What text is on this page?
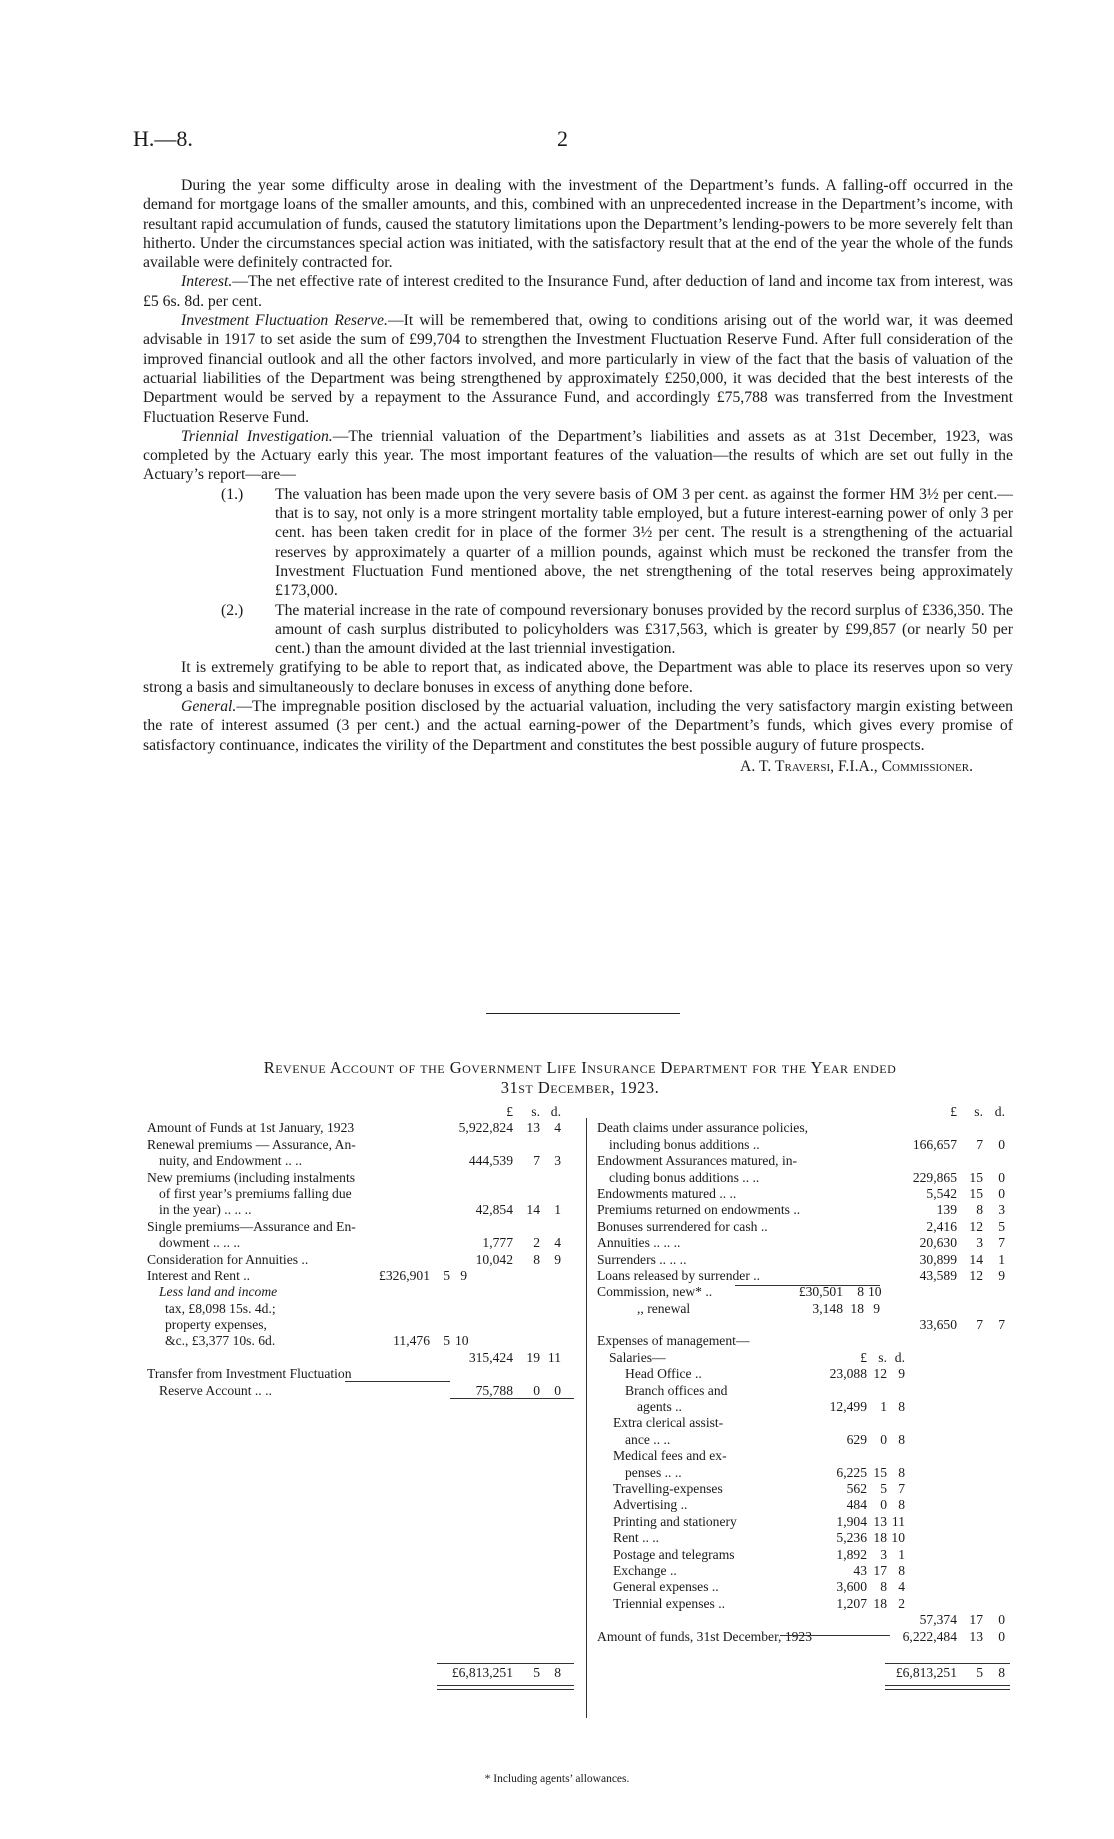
H.—8.	2

During the year some difficulty arose in dealing with the investment of the Department’s funds. A falling-off occurred in the demand for mortgage loans of the smaller amounts, and this, combined with an unprecedented increase in the Department’s income, with resultant rapid accumulation of funds, caused the statutory limitations upon the Department’s lending-powers to be more severely felt than hitherto. Under the circumstances special action was initiated, with the satisfactory result that at the end of the year the whole of the funds available were definitely contracted for.

Interest.—The net effective rate of interest credited to the Insurance Fund, after deduction of land and income tax from interest, was £5 6s. 8d. per cent.

Investment Fluctuation Reserve.—It will be remembered that, owing to conditions arising out of the world war, it was deemed advisable in 1917 to set aside the sum of £99,704 to strengthen the Investment Fluctuation Reserve Fund. After full consideration of the improved financial outlook and all the other factors involved, and more particularly in view of the fact that the basis of valuation of the actuarial liabilities of the Department was being strengthened by approximately £250,000, it was decided that the best interests of the Department would be served by a repayment to the Assurance Fund, and accordingly £75,788 was transferred from the Investment Fluctuation Reserve Fund.

Triennial Investigation.—The triennial valuation of the Department’s liabilities and assets as at 31st December, 1923, was completed by the Actuary early this year. The most important features of the valuation—the results of which are set out fully in the Actuary’s report—are—

(1.)	The valuation has been made upon the very severe basis of OM 3 per cent. as against the former HM 3½ per cent.—that is to say, not only is a more stringent mortality table employed, but a future interest-earning power of only 3 per cent. has been taken credit for in place of the former 3½ per cent. The result is a strengthening of the actuarial reserves by approximately a quarter of a million pounds, against which must be reckoned the transfer from the Investment Fluctuation Fund mentioned above, the net strengthening of the total reserves being approximately £173,000.
(2.)	The material increase in the rate of compound reversionary bonuses provided by the record surplus of £336,350. The amount of cash surplus distributed to policyholders was £317,563, which is greater by £99,857 (or nearly 50 per cent.) than the amount divided at the last triennial investigation.

It is extremely gratifying to be able to report that, as indicated above, the Department was able to place its reserves upon so very strong a basis and simultaneously to declare bonuses in excess of anything done before.

General.—The impregnable position disclosed by the actuarial valuation, including the very satisfactory margin existing between the rate of interest assumed (3 per cent.) and the actual earning-power of the Department’s funds, which gives every promise of satisfactory continuance, indicates the virility of the Department and constitutes the best possible augury of future prospects.

A. T. Traversi, F.I.A., Commissioner.

Revenue Account of the Government Life Insurance Department for the Year ended
31st December, 1923.
£	s. d.
Amount of Funds at 1st January, 1923	5,922,824 13	4
Renewal premiums — Assurance, An-
nuity, and Endowment .. ..	444,539	7	3
New premiums (including instalments
of first year’s premiums falling due
in the year) .. .. ..	42,854 14	1
Single premiums—Assurance and En-
dowment .. .. ..	1,777	2	4
Consideration for Annuities ..	10,042	8	9
Interest and Rent ..	£326,901 5 9
Less land and income
tax, £8,098 15s. 4d.;
property expenses,
&c., £3,377 10s. 6d.	11,476 5 10
315,424 19 11
Transfer from Investment Fluctuation
Reserve Account .. ..	75,788	0	0
£6,813,251	5	8
£	s. d.
Death claims under assurance policies,
including bonus additions ..	166,657	7	0
Endowment Assurances matured, in-
cluding bonus additions .. ..	229,865 15	0
Endowments matured .. ..	5,542 15	0
Premiums returned on endowments ..	139	8	3
Bonuses surrendered for cash ..	2,416 12	5
Annuities .. .. ..	20,630	3	7
Surrenders .. .. ..	30,899 14	1
Loans released by surrender ..	43,589 12	9
Commission, new* ..	£30,501	8 10
,, renewal	3,148 18 9
33,650	7	7
Expenses of management—
Salaries—	£ s. d.
Head Office ..	23,088 12 9
Branch offices and
agents ..	12,499 1 8
Extra clerical assist-
ance .. ..	629 0 8
Medical fees and ex-
penses .. ..	6,225 15 8
Travelling-expenses	562 5 7
Advertising ..	484 0 8
Printing and stationery	1,904 13 11
Rent .. ..	5,236 18 10
Postage and telegrams	1,892 3 1
Exchange ..	43 17 8
General expenses ..	3,600 8 4
Triennial expenses ..	1,207 18 2
57,374 17	0
Amount of funds, 31st December, 1923	6,222,484 13	0
£6,813,251	5	8
* Including agents’ allowances.
